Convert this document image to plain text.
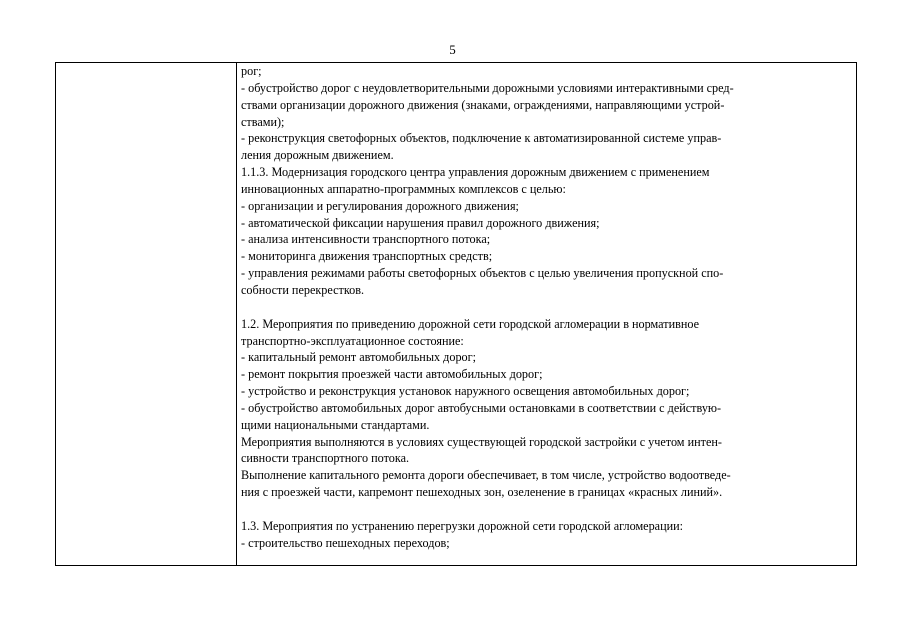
5
рог;
- обустройство дорог с неудовлетворительными дорожными условиями интерактивными сред-
ствами организации дорожного движения (знаками, ограждениями, направляющими устрой-
ствами);
- реконструкция светофорных объектов, подключение к автоматизированной системе управ-
ления дорожным движением.
1.1.3. Модернизация городского центра управления дорожным движением с применением
инновационных аппаратно-программных комплексов с целью:
- организации и регулирования дорожного движения;
- автоматической фиксации нарушения правил дорожного движения;
- анализа интенсивности транспортного потока;
- мониторинга движения транспортных средств;
- управления режимами работы светофорных объектов с целью увеличения пропускной спо-
собности перекрестков.
1.2. Мероприятия по приведению дорожной сети городской агломерации в нормативное
транспортно-эксплуатационное состояние:
- капитальный ремонт автомобильных дорог;
- ремонт покрытия проезжей части автомобильных дорог;
- устройство и реконструкция установок наружного освещения автомобильных дорог;
- обустройство автомобильных дорог автобусными остановками в соответствии с действую-
щими национальными стандартами.
Мероприятия выполняются в условиях существующей городской застройки с учетом интен-
сивности транспортного потока.
Выполнение капитального ремонта дороги обеспечивает, в том числе, устройство водоотведе-
ния с проезжей части, капремонт пешеходных зон, озеленение в границах «красных линий».
1.3. Мероприятия по устранению перегрузки дорожной сети городской агломерации:
- строительство пешеходных переходов;
